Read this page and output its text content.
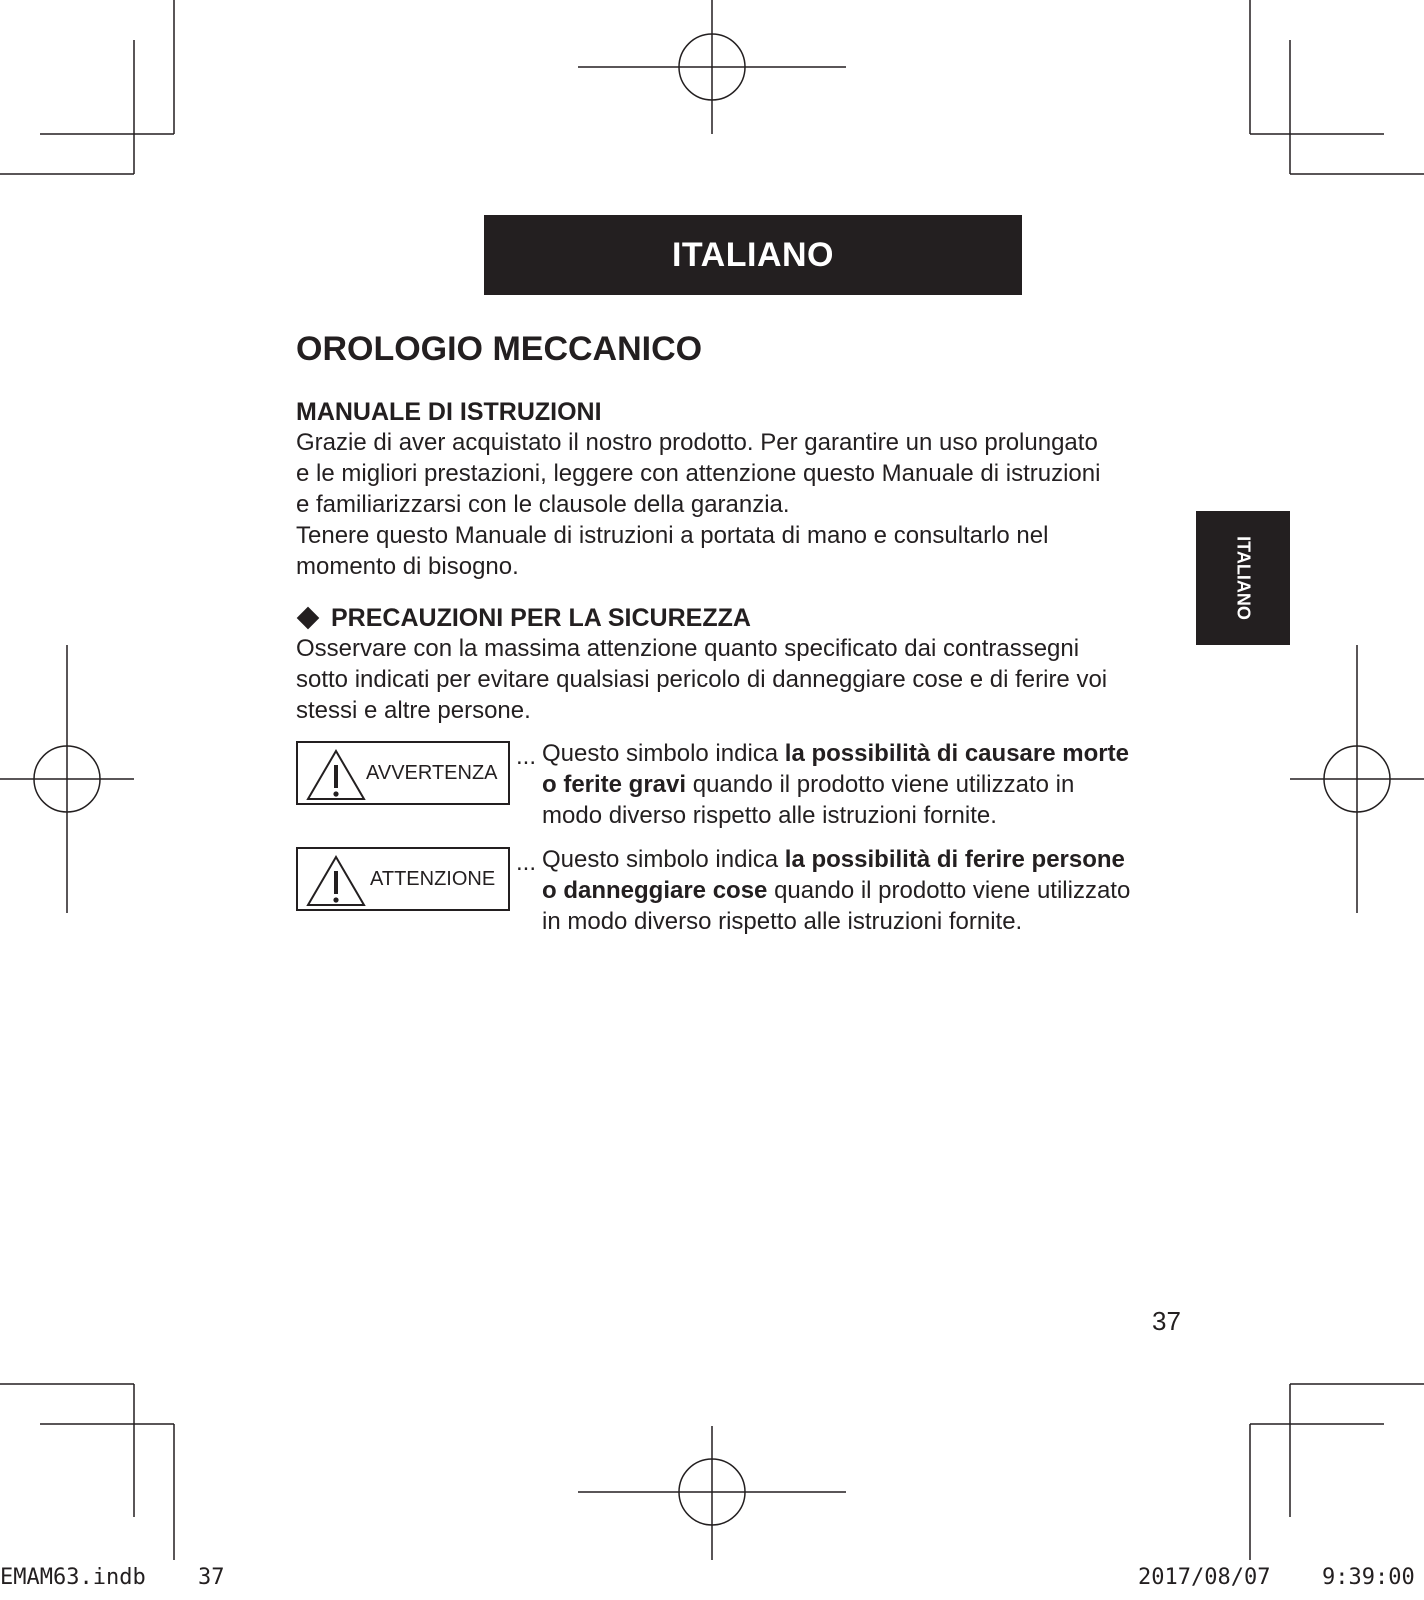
ITALIANO
ITALIANO
OROLOGIO MECCANICO
MANUALE DI ISTRUZIONI

Grazie di aver acquistato il nostro prodotto. Per garantire un uso prolungato

e le migliori prestazioni, leggere con attenzione questo Manuale di istruzioni

e familiarizzarsi con le clausole della garanzia.

Tenere questo Manuale di istruzioni a portata di mano e consultarlo nel

momento di bisogno.

PRECAUZIONI PER LA SICUREZZA

Osservare con la massima attenzione quanto specificato dai contrassegni

sotto indicati per evitare qualsiasi pericolo di danneggiare cose e di ferire voi

stessi e altre persone.

AVVERTENZA
... Questo simbolo indica la possibilità di causare morte
o ferite gravi quando il prodotto viene utilizzato in
modo diverso rispetto alle istruzioni fornite.
ATTENZIONE
... Questo simbolo indica la possibilità di ferire persone
o danneggiare cose quando il prodotto viene utilizzato
in modo diverso rispetto alle istruzioni fornite.
37
EMAM63.indb 37	2017/08/07 9:39:00
